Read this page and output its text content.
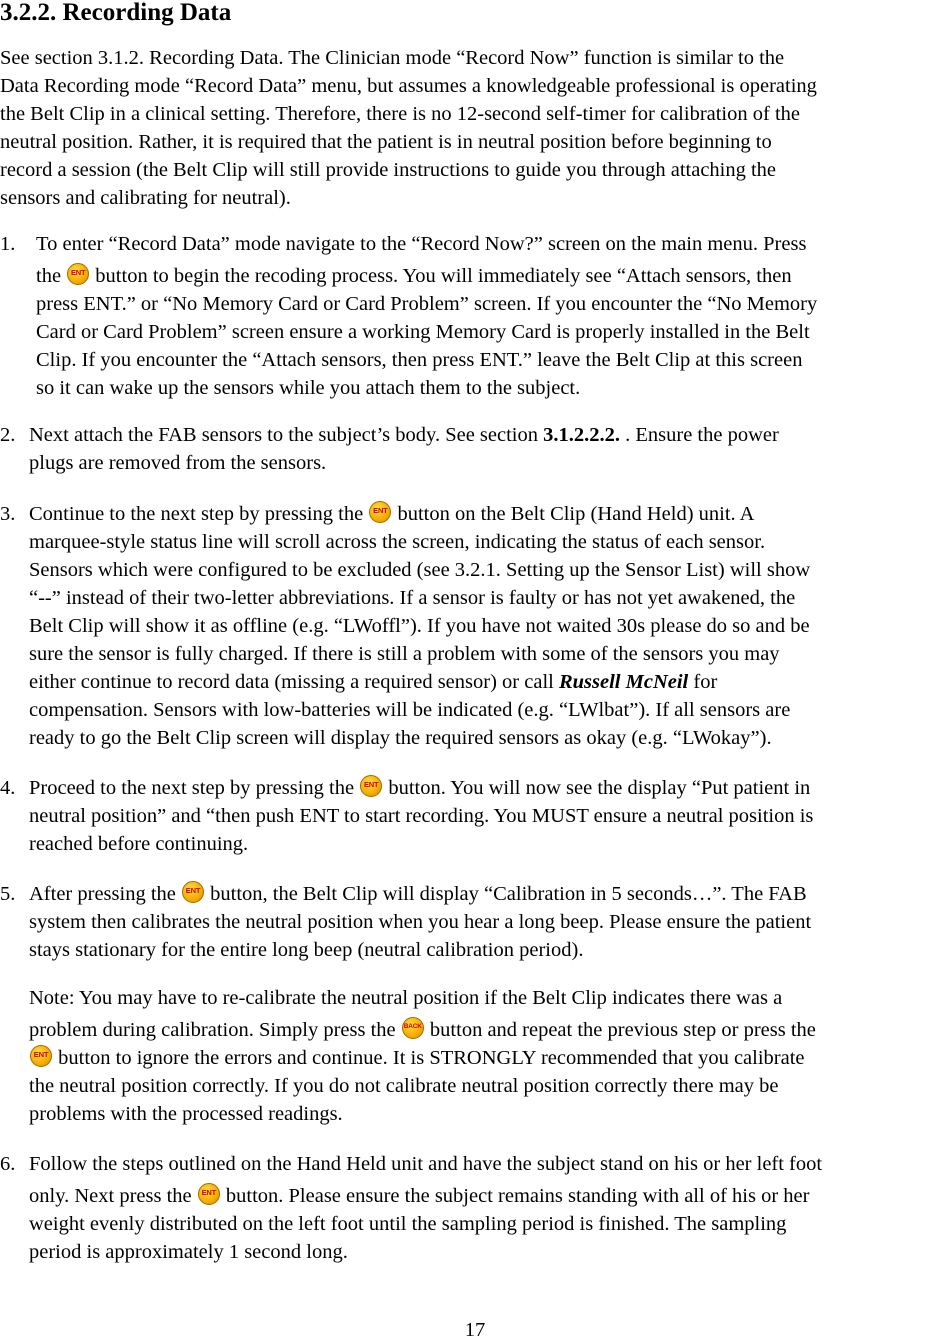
3.2.2. Recording Data
See section 3.1.2. Recording Data. The Clinician mode “Record Now” function is similar to the
Data Recording mode “Record Data” menu, but assumes a knowledgeable professional is operating
the Belt Clip in a clinical setting. Therefore, there is no 12-second self-timer for calibration of the
neutral position. Rather, it is required that the patient is in neutral position before beginning to
record a session (the Belt Clip will still provide instructions to guide you through attaching the
sensors and calibrating for neutral).
1. To enter “Record Data” mode navigate to the “Record Now?” screen on the main menu. Press
the	ENT button to begin the recoding process. You will immediately see “Attach sensors, then
press ENT.” or “No Memory Card or Card Problem” screen. If you encounter the “No Memory
Card or Card Problem” screen ensure a working Memory Card is properly installed in the Belt
Clip. If you encounter the “Attach sensors, then press ENT.” leave the Belt Clip at this screen
so it can wake up the sensors while you attach them to the subject.
2. Next attach the FAB sensors to the subject’s body. See section 3.1.2.2.2. . Ensure the power
plugs are removed from the sensors.
3. Continue to the next step by pressing the	ENT button on the Belt Clip (Hand Held) unit. A
marquee-style status line will scroll across the screen, indicating the status of each sensor.
Sensors which were configured to be excluded (see 3.2.1. Setting up the Sensor List) will show
“--” instead of their two-letter abbreviations. If a sensor is faulty or has not yet awakened, the
Belt Clip will show it as offline (e.g. “LWoffl”). If you have not waited 30s please do so and be
sure the sensor is fully charged. If there is still a problem with some of the sensors you may
either continue to record data (missing a required sensor) or call Russell McNeil for
compensation. Sensors with low-batteries will be indicated (e.g. “LWlbat”). If all sensors are
ready to go the Belt Clip screen will display the required sensors as okay (e.g. “LWokay”).
4. Proceed to the next step by pressing the	ENT button. You will now see the display “Put patient in
neutral position” and “then push ENT to start recording. You MUST ensure a neutral position is
reached before continuing.
5. After pressing the	ENT button, the Belt Clip will display “Calibration in 5 seconds…”. The FAB
system then calibrates the neutral position when you hear a long beep. Please ensure the patient
stays stationary for the entire long beep (neutral calibration period).
Note: You may have to re-calibrate the neutral position if the Belt Clip indicates there was a
problem during calibration. Simply press the BACK button and repeat the previous step or press the
ENT button to ignore the errors and continue. It is STRONGLY recommended that you calibrate
the neutral position correctly. If you do not calibrate neutral position correctly there may be
problems with the processed readings.
6. Follow the steps outlined on the Hand Held unit and have the subject stand on his or her left foot
only. Next press the	ENT button. Please ensure the subject remains standing with all of his or her
weight evenly distributed on the left foot until the sampling period is finished. The sampling
period is approximately 1 second long.
17
